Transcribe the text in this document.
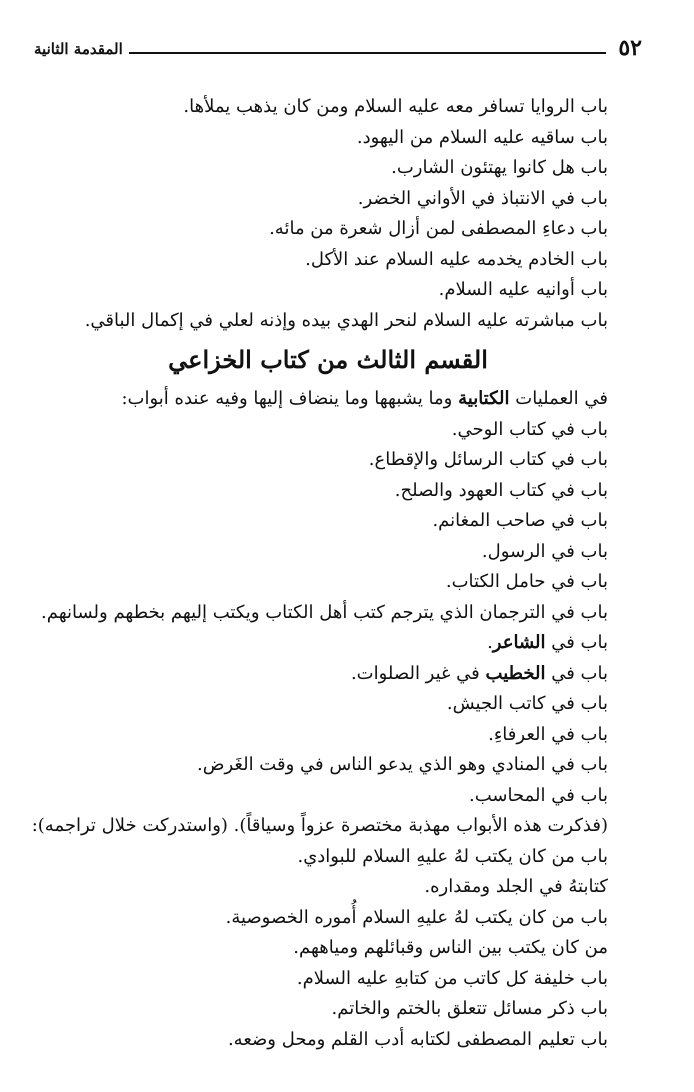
٥٢
المقدمة الثانية
باب الروايا تسافر معه عليه السلام ومن كان يذهب يملأها.
باب ساقيه عليه السلام من اليهود.
باب هل كانوا يهتئون الشارب.
باب في الانتباذ في الأواني الخضر.
باب دعاءِ المصطفى لمن أزال شعرة من مائه.
باب الخادم يخدمه عليه السلام عند الأكل.
باب أوانيه عليه السلام.
باب مباشرته عليه السلام لنحر الهدي بيده وإذنه لعلي في إكمال الباقي.
القسم الثالث من كتاب الخزاعي
في العمليات الكتابية وما يشبهها وما ينضاف إليها وفيه عنده أبواب:
باب في كتاب الوحي.
باب في كتاب الرسائل والإقطاع.
باب في كتاب العهود والصلح.
باب في صاحب المغانم.
باب في الرسول.
باب في حامل الكتاب.
باب في الترجمان الذي يترجم كتب أهل الكتاب ويكتب إليهم بخطهم ولسانهم.
باب في الشاعر.
باب في الخطيب في غير الصلوات.
باب في كاتب الجيش.
باب في العرفاءِ.
باب في المنادي وهو الذي يدعو الناس في وقت الغَرض.
باب في المحاسب.
(فذكرت هذه الأبواب مهذبة مختصرة عزواً وسياقاً). (واستدركت خلال تراجمه):
باب من كان يكتب لهُ عليهِ السلام للبوادي.
كتابتهُ في الجلد ومقداره.
باب من كان يكتب لهُ عليهِ السلام أُموره الخصوصية.
من كان يكتب بين الناس وقبائلهم ومياههم.
باب خليفة كل كاتب من كتابهِ عليه السلام.
باب ذكر مسائل تتعلق بالختم والخاتم.
باب تعليم المصطفى لكتابه أدب القلم ومحل وضعه.
